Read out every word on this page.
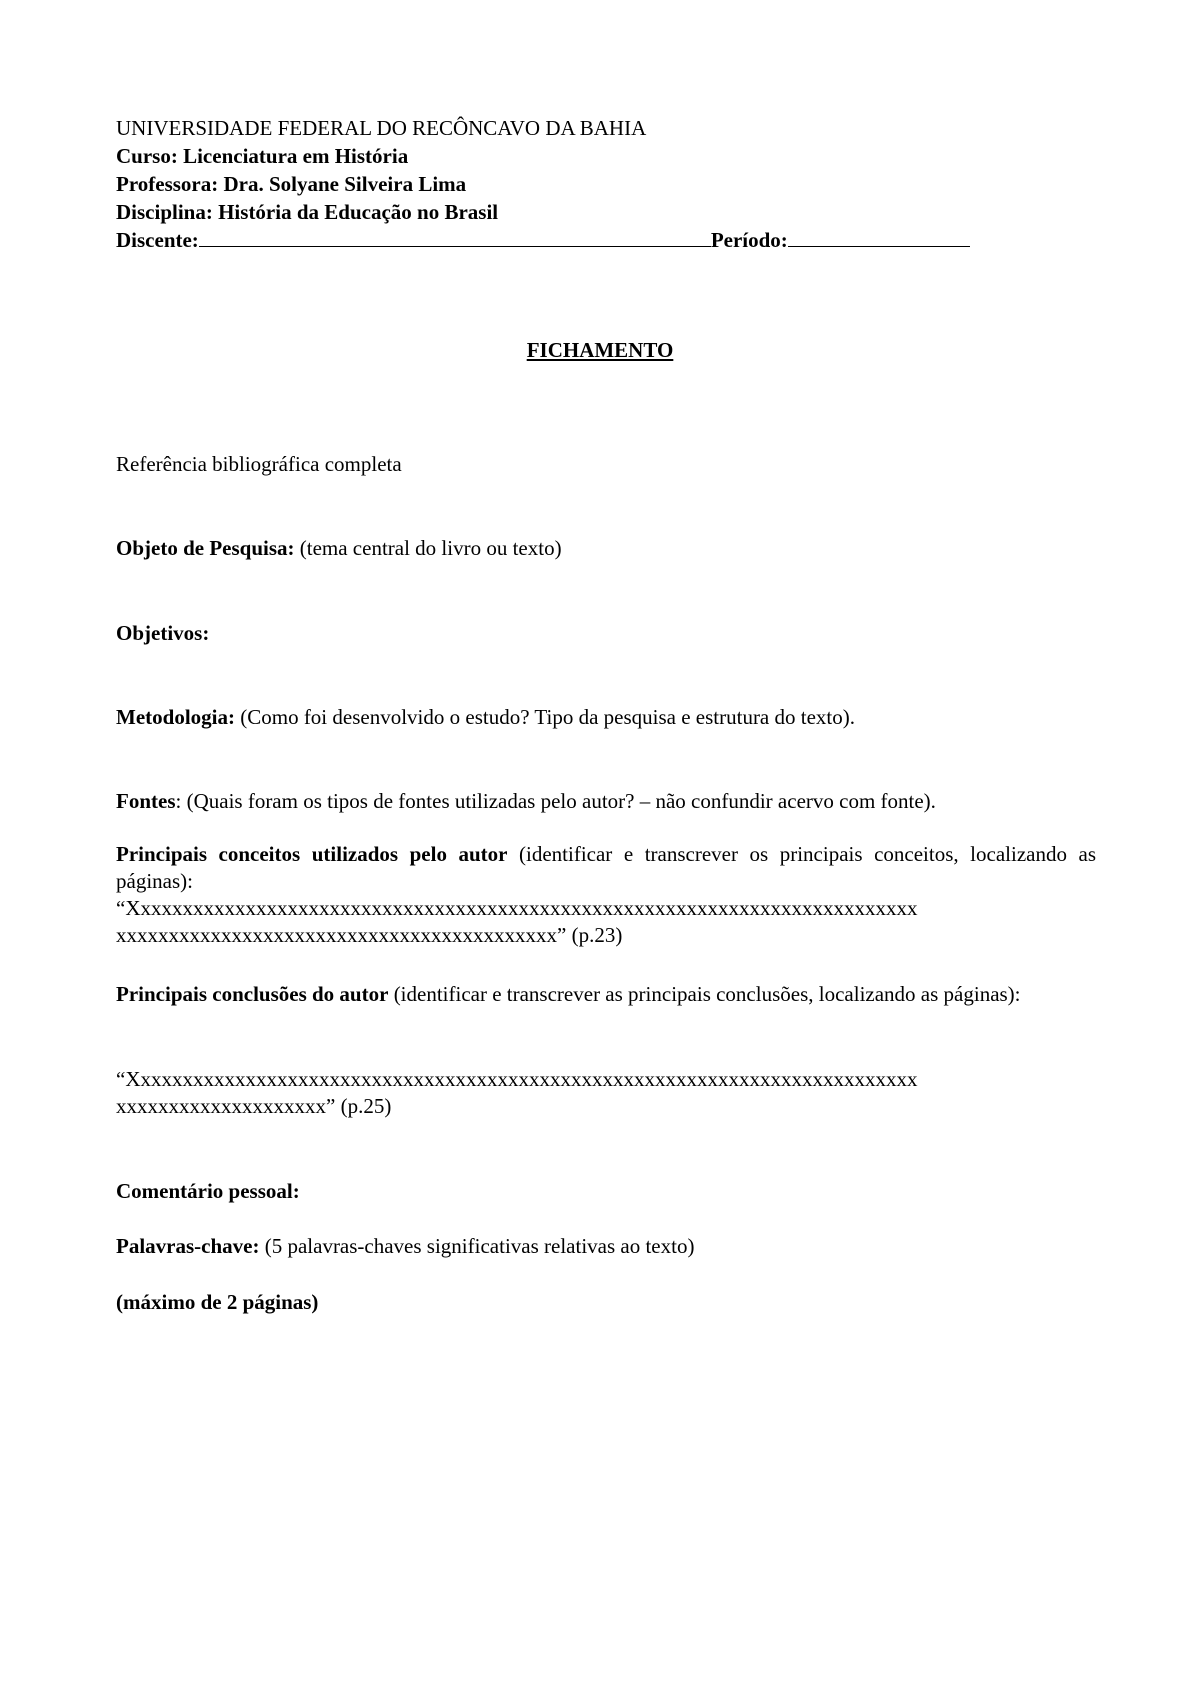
UNIVERSIDADE FEDERAL DO RECÔNCAVO DA BAHIA
Curso: Licenciatura em História
Professora: Dra. Solyane Silveira Lima
Disciplina: História da Educação no Brasil
Discente:	Período:
FICHAMENTO
Referência bibliográfica completa
Objeto de Pesquisa: (tema central do livro ou texto)
Objetivos:
Metodologia: (Como foi desenvolvido o estudo? Tipo da pesquisa e estrutura do texto).
Fontes: (Quais foram os tipos de fontes utilizadas pelo autor? – não confundir acervo com fonte).
Principais conceitos utilizados pelo autor (identificar e transcrever os principais conceitos, localizando as páginas):
“Xxxxxxxxxxxxxxxxxxxxxxxxxxxxxxxxxxxxxxxxxxxxxxxxxxxxxxxxxxxxxxxxxxxxxxxxxxx
xxxxxxxxxxxxxxxxxxxxxxxxxxxxxxxxxxxxxxxxxx” (p.23)
Principais conclusões do autor (identificar e transcrever as principais conclusões, localizando as páginas):
“Xxxxxxxxxxxxxxxxxxxxxxxxxxxxxxxxxxxxxxxxxxxxxxxxxxxxxxxxxxxxxxxxxxxxxxxxxxx
xxxxxxxxxxxxxxxxxxxx” (p.25)
Comentário pessoal:
Palavras-chave: (5 palavras-chaves significativas relativas ao texto)
(máximo de 2 páginas)
